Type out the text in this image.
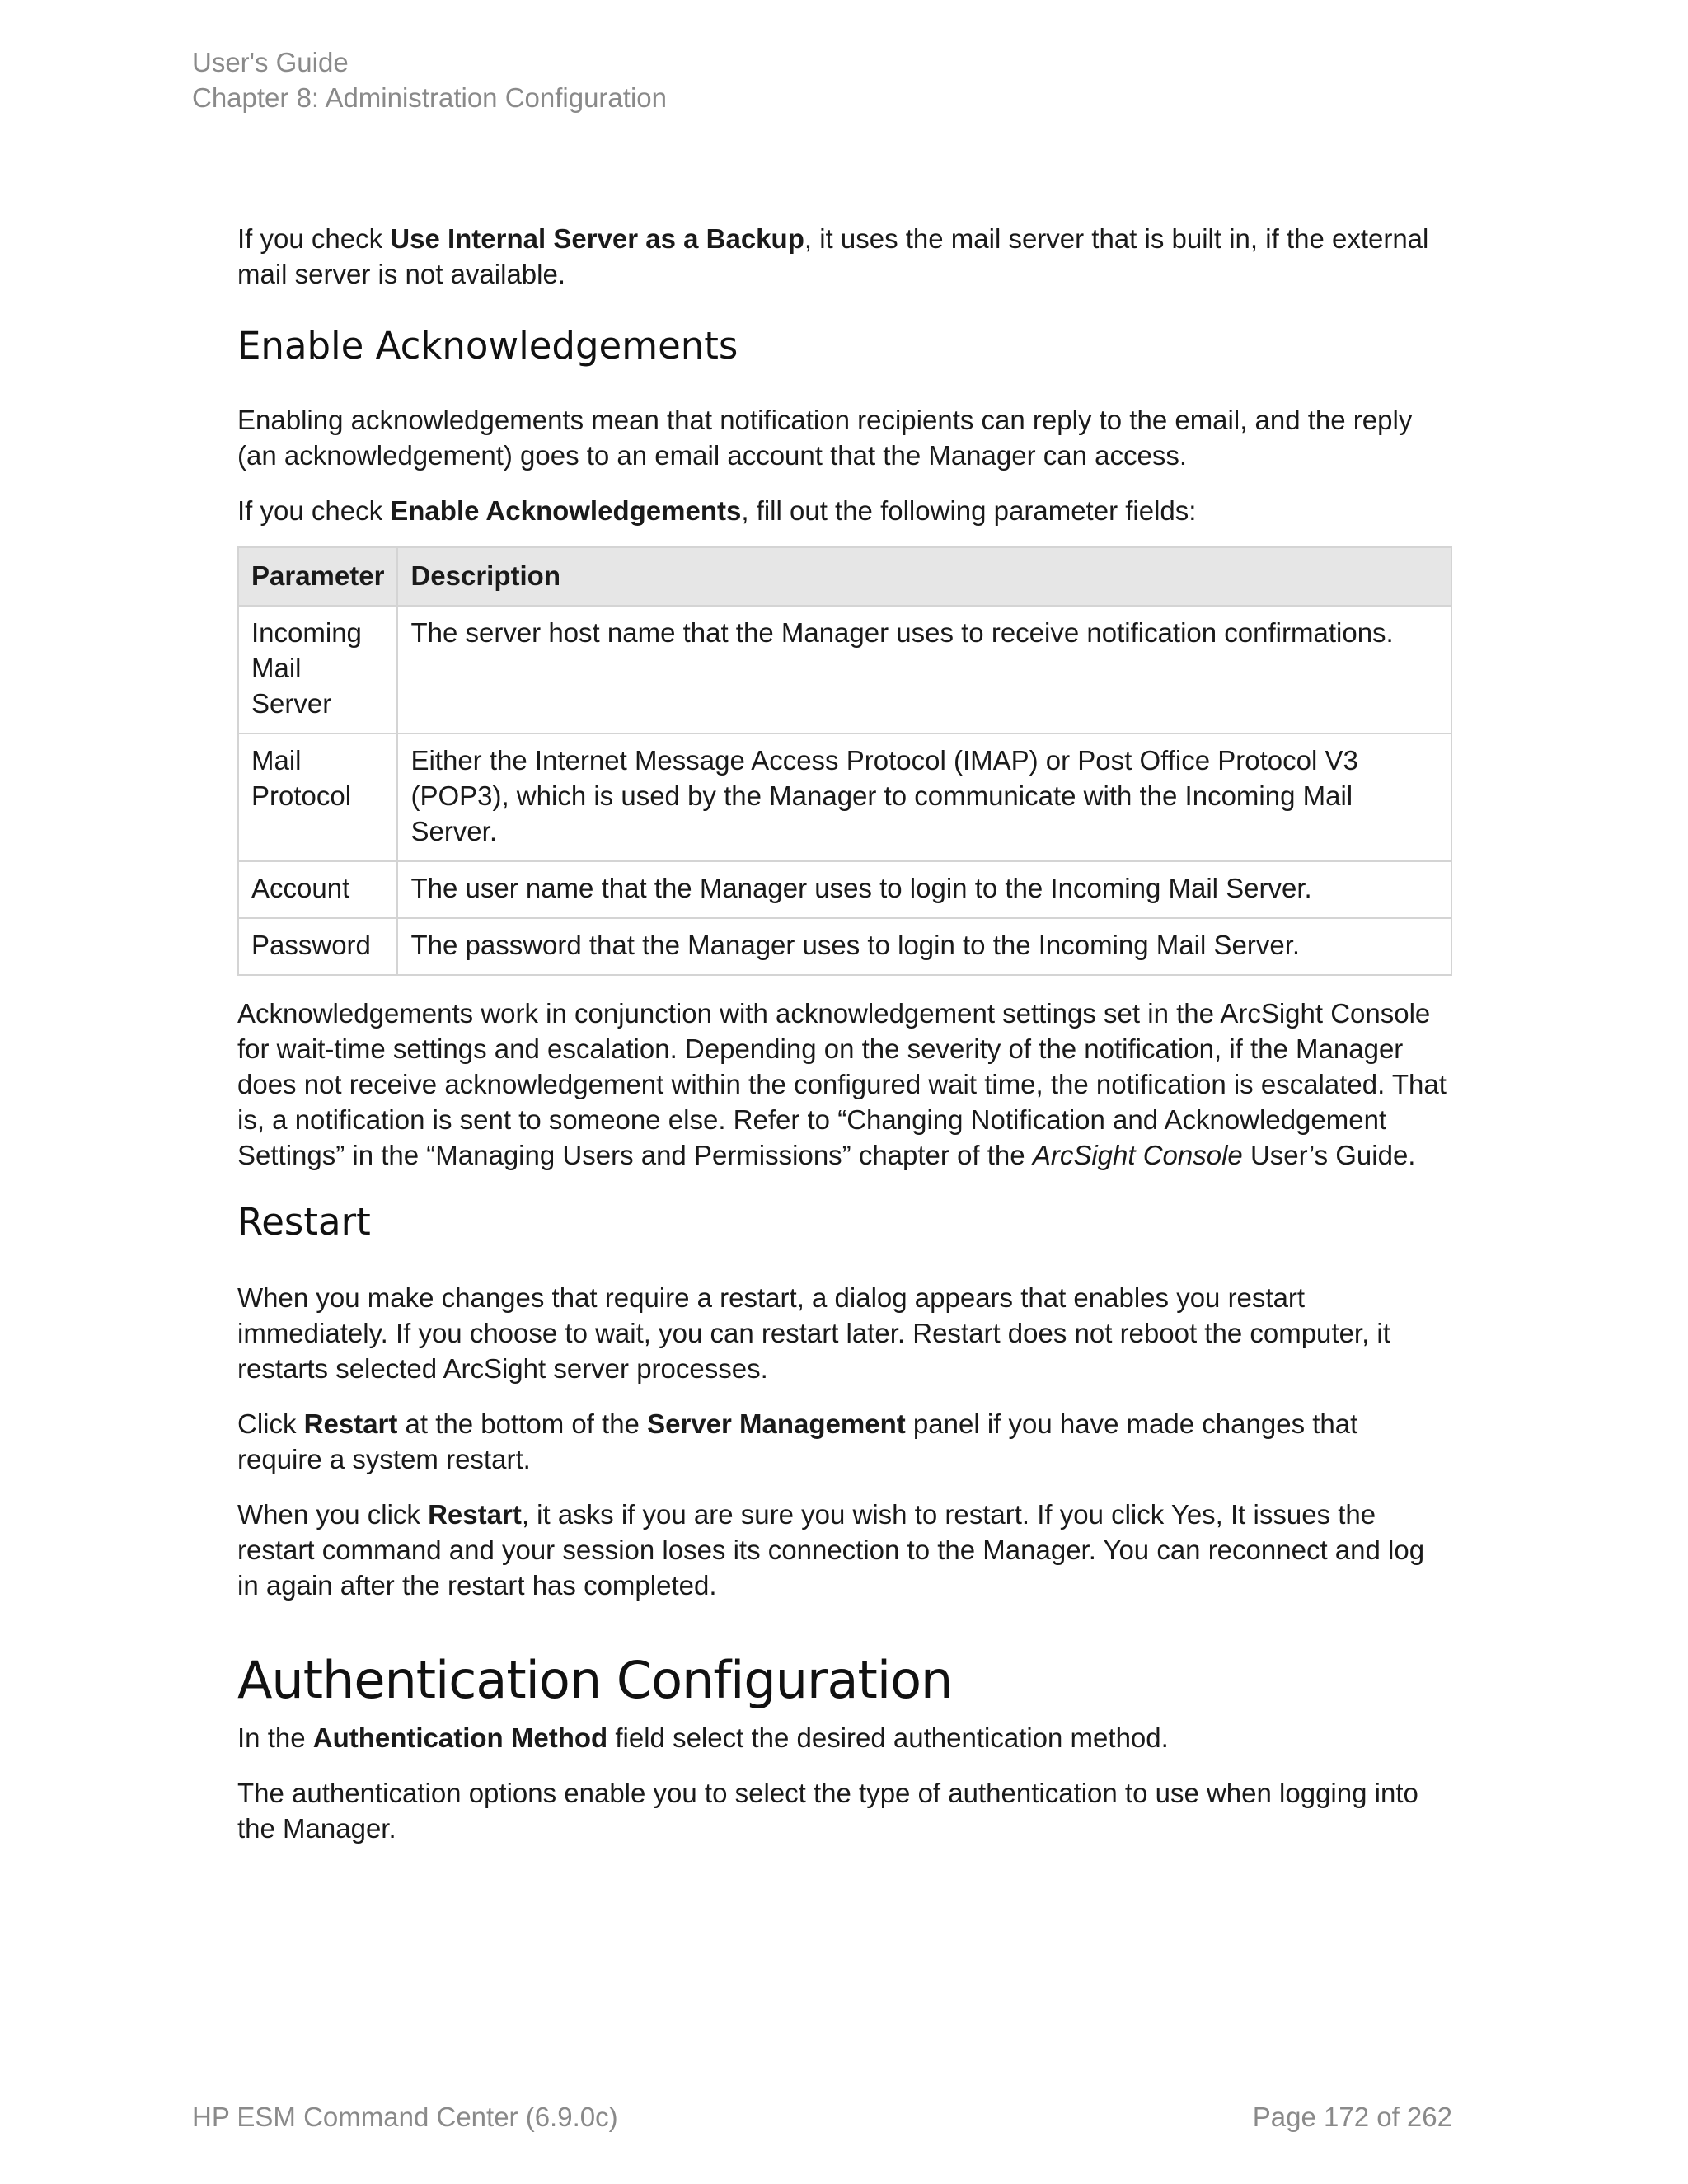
User's Guide
Chapter 8: Administration Configuration

If you check Use Internal Server as a Backup, it uses the mail server that is built in, if the external mail server is not available.

Enable Acknowledgements

Enabling acknowledgements mean that notification recipients can reply to the email, and the reply (an acknowledgement) goes to an email account that the Manager can access.

If you check Enable Acknowledgements, fill out the following parameter fields:

Parameter	Description
Incoming Mail Server	The server host name that the Manager uses to receive notification confirmations.
Mail Protocol	Either the Internet Message Access Protocol (IMAP) or Post Office Protocol V3 (POP3), which is used by the Manager to communicate with the Incoming Mail Server.
Account	The user name that the Manager uses to login to the Incoming Mail Server.
Password	The password that the Manager uses to login to the Incoming Mail Server.

Acknowledgements work in conjunction with acknowledgement settings set in the ArcSight Console for wait-time settings and escalation. Depending on the severity of the notification, if the Manager does not receive acknowledgement within the configured wait time, the notification is escalated. That is, a notification is sent to someone else. Refer to “Changing Notification and Acknowledgement Settings” in the “Managing Users and Permissions” chapter of the ArcSight Console User’s Guide.

Restart

When you make changes that require a restart, a dialog appears that enables you restart immediately. If you choose to wait, you can restart later. Restart does not reboot the computer, it restarts selected ArcSight server processes.

Click Restart at the bottom of the Server Management panel if you have made changes that require a system restart.

When you click Restart, it asks if you are sure you wish to restart. If you click Yes, It issues the restart command and your session loses its connection to the Manager. You can reconnect and log in again after the restart has completed.

Authentication Configuration

In the Authentication Method field select the desired authentication method.

The authentication options enable you to select the type of authentication to use when logging into the Manager.

HP ESM Command Center (6.9.0c)	Page 172 of 262
